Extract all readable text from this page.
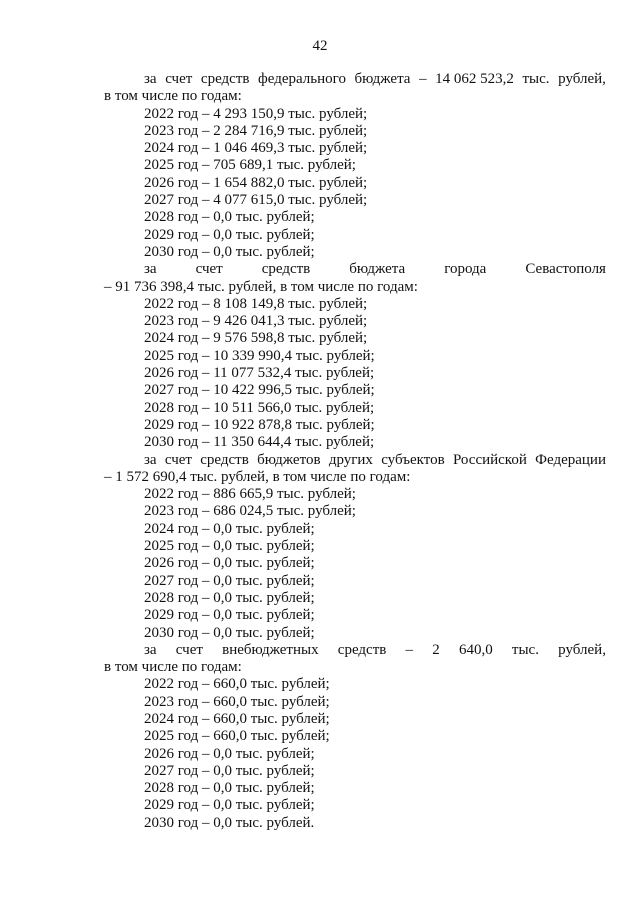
42
за счет средств федерального бюджета – 14 062 523,2 тыс. рублей,
в том числе по годам:
2022 год – 4 293 150,9 тыс. рублей;
2023 год – 2 284 716,9 тыс. рублей;
2024 год – 1 046 469,3 тыс. рублей;
2025 год – 705 689,1 тыс. рублей;
2026 год – 1 654 882,0 тыс. рублей;
2027 год – 4 077 615,0 тыс. рублей;
2028 год – 0,0 тыс. рублей;
2029 год – 0,0 тыс. рублей;
2030 год – 0,0 тыс. рублей;
за	счет	средств	бюджета	города	Севастополя
– 91 736 398,4 тыс. рублей, в том числе по годам:
2022 год – 8 108 149,8 тыс. рублей;
2023 год – 9 426 041,3 тыс. рублей;
2024 год – 9 576 598,8 тыс. рублей;
2025 год – 10 339 990,4 тыс. рублей;
2026 год – 11 077 532,4 тыс. рублей;
2027 год – 10 422 996,5 тыс. рублей;
2028 год – 10 511 566,0 тыс. рублей;
2029 год – 10 922 878,8 тыс. рублей;
2030 год – 11 350 644,4 тыс. рублей;
за счет средств бюджетов других субъектов Российской Федерации
– 1 572 690,4 тыс. рублей, в том числе по годам:
2022 год – 886 665,9 тыс. рублей;
2023 год – 686 024,5 тыс. рублей;
2024 год – 0,0 тыс. рублей;
2025 год – 0,0 тыс. рублей;
2026 год – 0,0 тыс. рублей;
2027 год – 0,0 тыс. рублей;
2028 год – 0,0 тыс. рублей;
2029 год – 0,0 тыс. рублей;
2030 год – 0,0 тыс. рублей;
за счет внебюджетных средств – 2 640,0 тыс. рублей,
в том числе по годам:
2022 год – 660,0 тыс. рублей;
2023 год – 660,0 тыс. рублей;
2024 год – 660,0 тыс. рублей;
2025 год – 660,0 тыс. рублей;
2026 год – 0,0 тыс. рублей;
2027 год – 0,0 тыс. рублей;
2028 год – 0,0 тыс. рублей;
2029 год – 0,0 тыс. рублей;
2030 год – 0,0 тыс. рублей.
